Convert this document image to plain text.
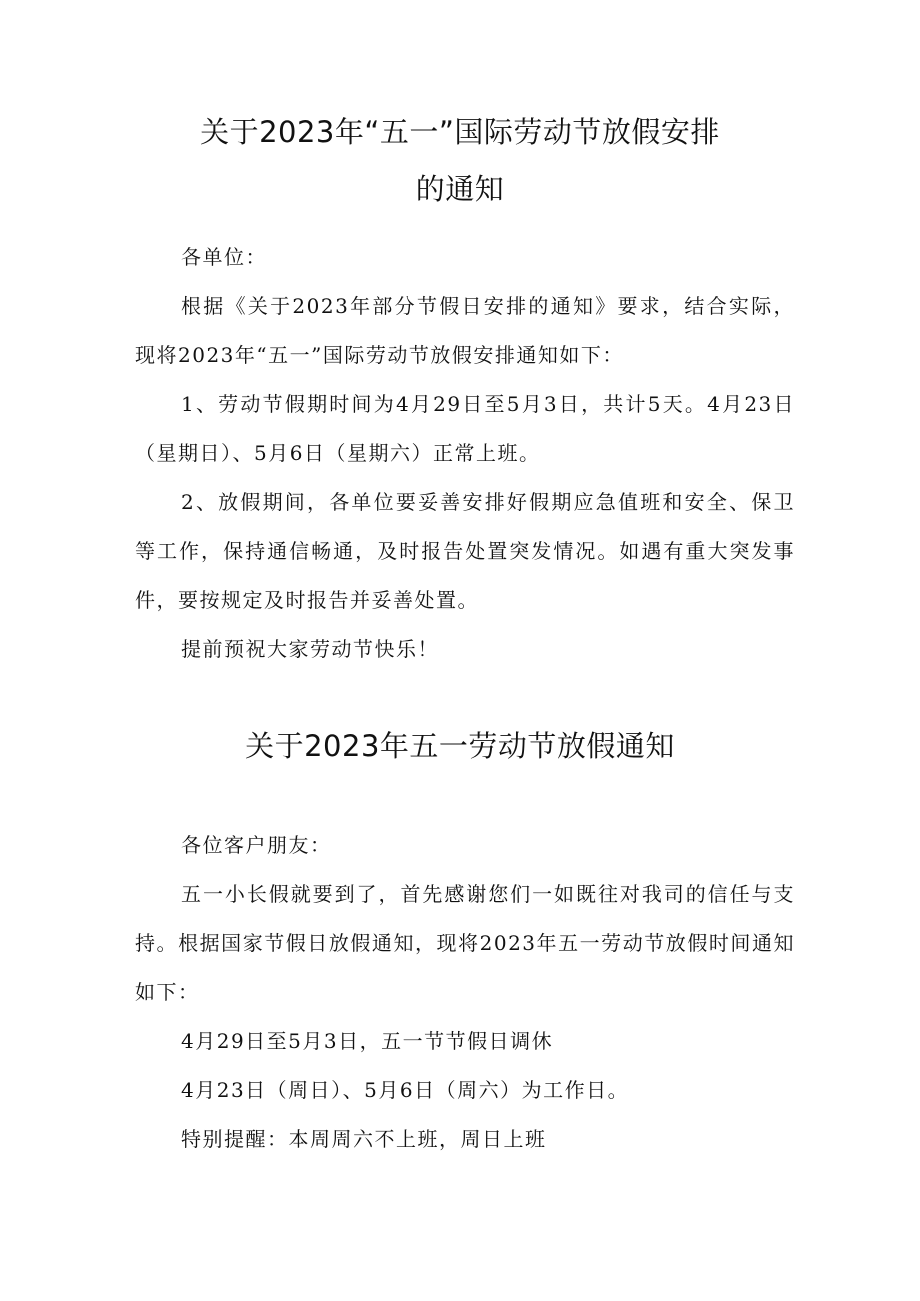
关于2023年“五一”国际劳动节放假安排
的通知

各单位：

根据《关于2023年部分节假日安排的通知》要求，结合实际，现将2023年“五一”国际劳动节放假安排通知如下：

1、劳动节假期时间为4月29日至5月3日，共计5天。4月23日（星期日）、5月6日（星期六）正常上班。

2、放假期间，各单位要妥善安排好假期应急值班和安全、保卫等工作，保持通信畅通，及时报告处置突发情况。如遇有重大突发事件，要按规定及时报告并妥善处置。

提前预祝大家劳动节快乐！

关于2023年五一劳动节放假通知

各位客户朋友：

五一小长假就要到了，首先感谢您们一如既往对我司的信任与支持。根据国家节假日放假通知，现将2023年五一劳动节放假时间通知如下：

4月29日至5月3日，五一节节假日调休

4月23日（周日）、5月6日（周六）为工作日。

特别提醒：本周周六不上班，周日上班
